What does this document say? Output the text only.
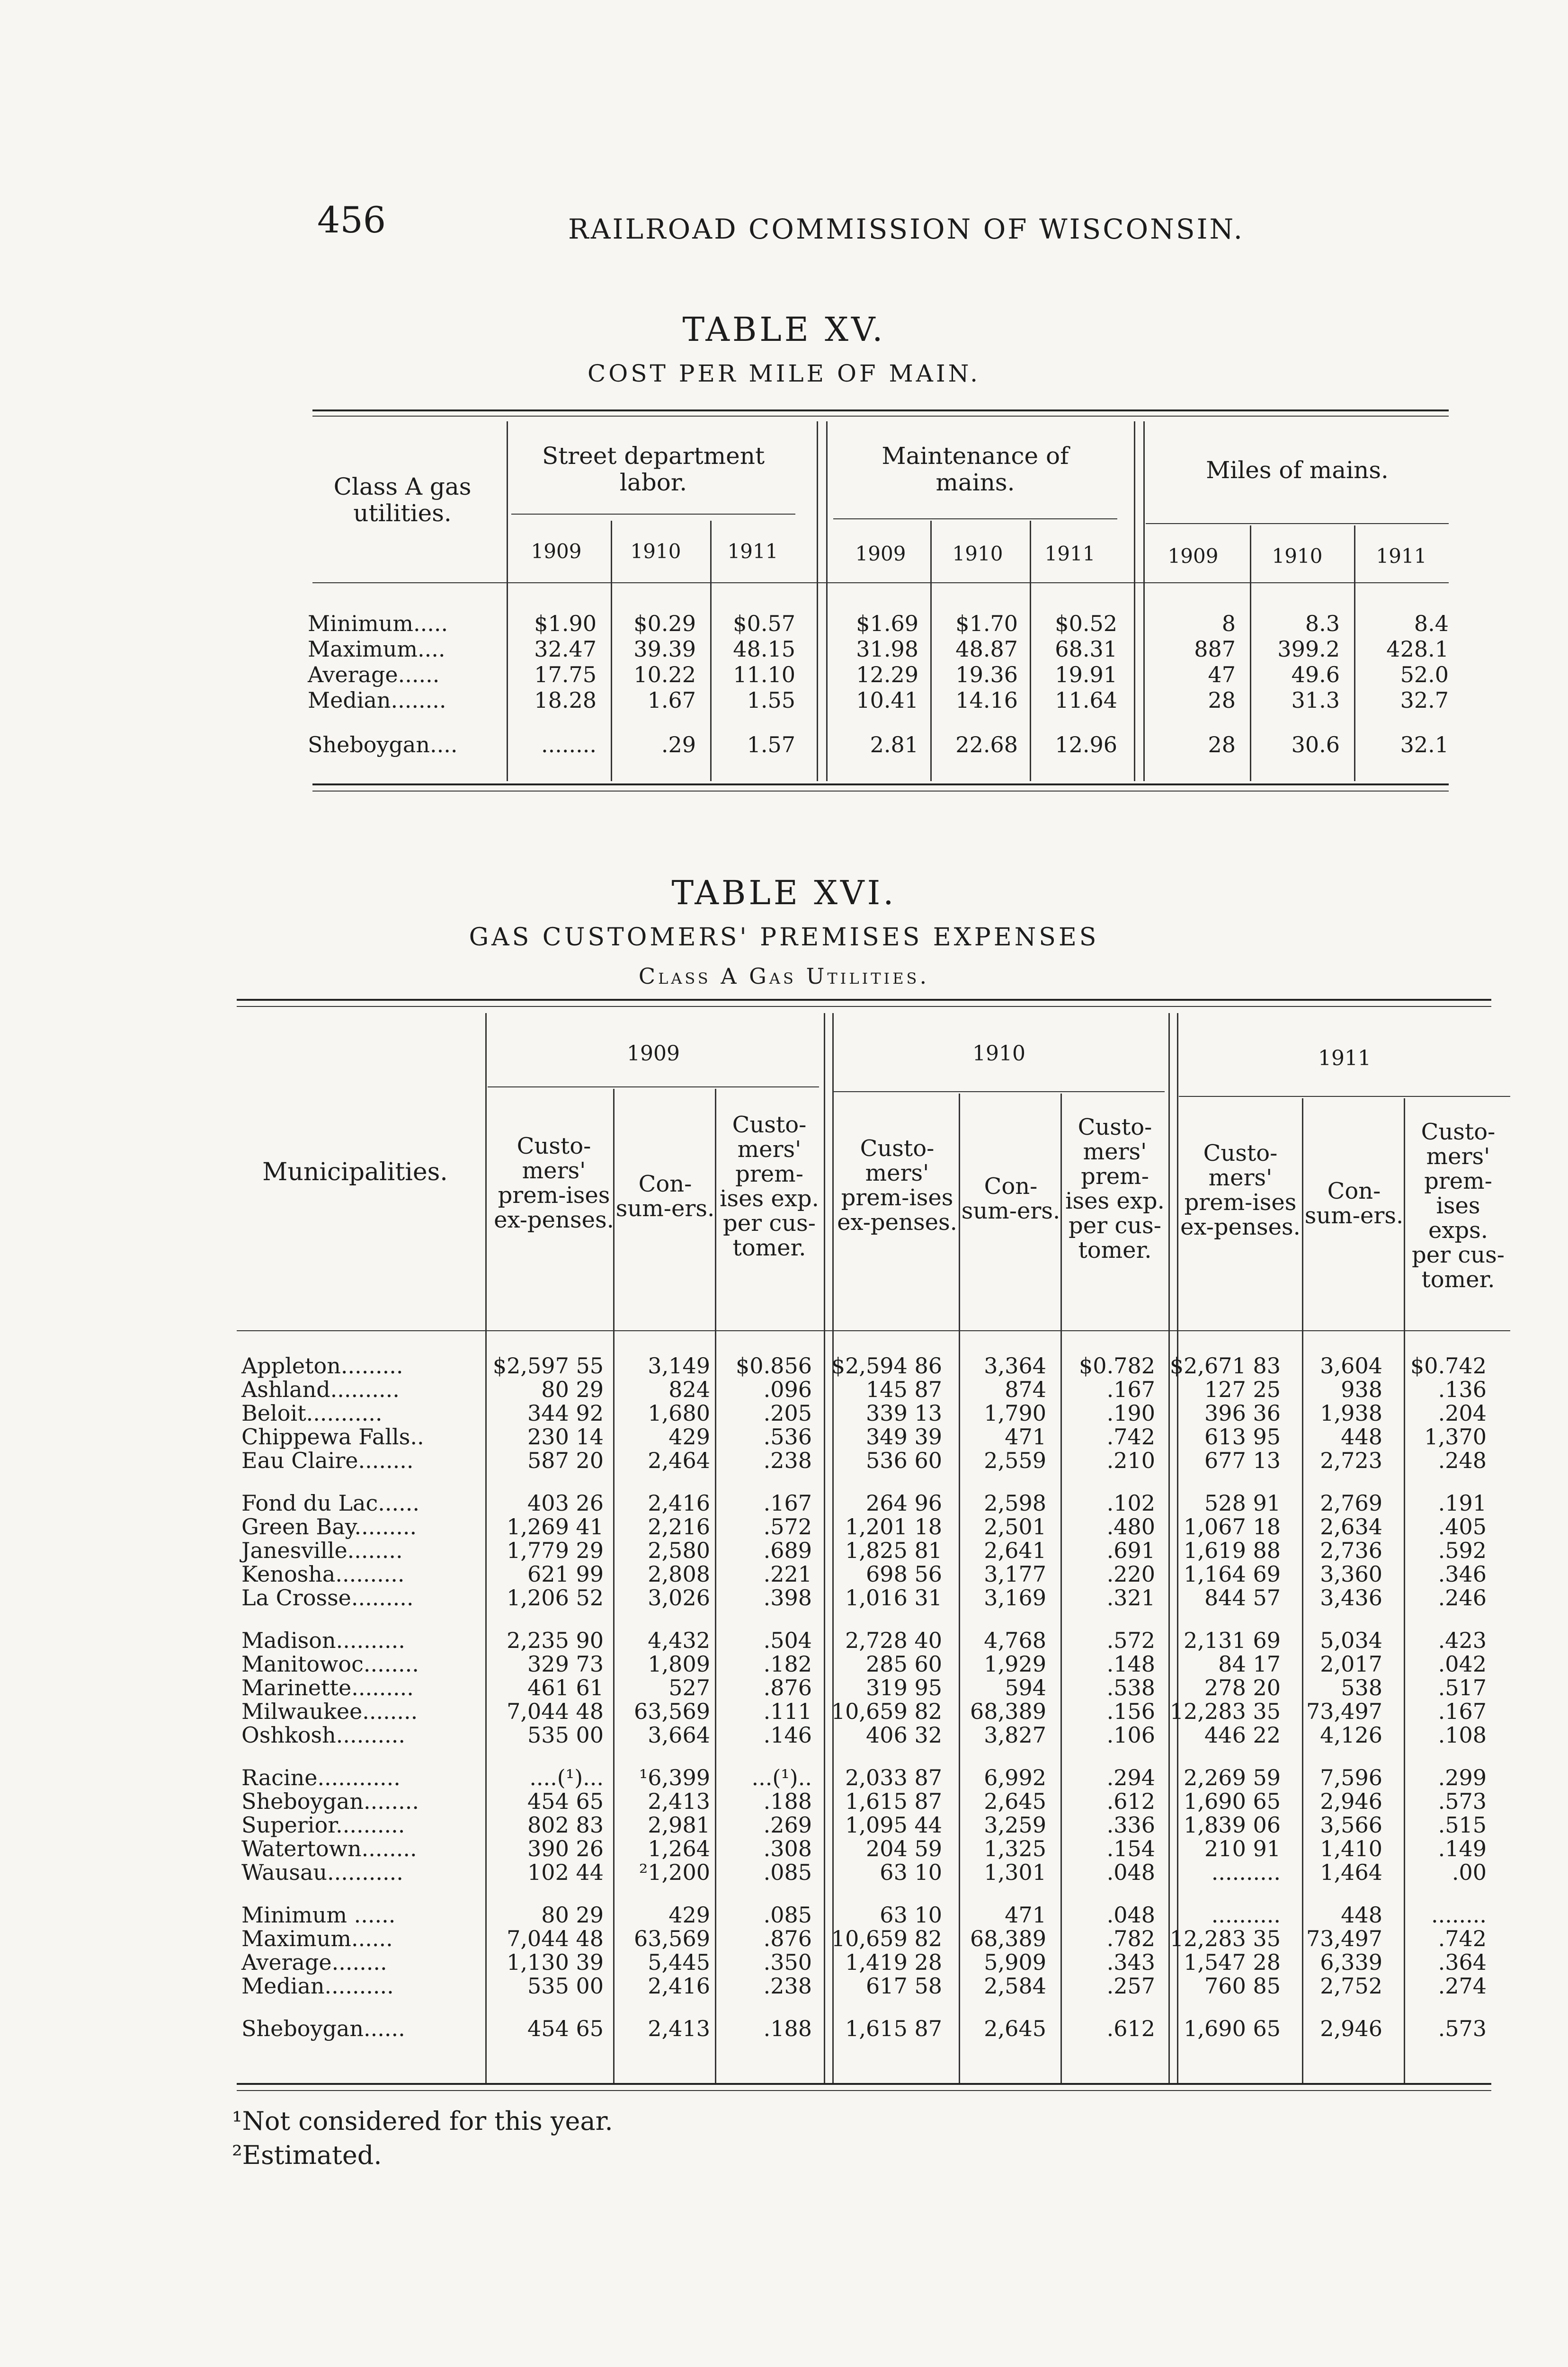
456	RAILROAD COMMISSION OF WISCONSIN.
TABLE XV.
COST PER MILE OF MAIN.
Class A gas utilities.
Street department labor.
Maintenance of mains.	Miles of mains.
1909	1910	1911	1909	1910	1911	1909	1910	1911
Minimum.....	$1.90	$0.29	$0.57	$1.69	$1.70	$0.52	8	8.3	8.4
Maximum....	32.47	39.39	48.15	31.98	48.87	68.31	887	399.2	428.1
Average......	17.75	10.22	11.10	12.29	19.36	19.91	47	49.6	52.0
Median........	18.28	1.67	1.55	10.41	14.16	11.64	28	31.3	32.7

Sheboygan....	........	.29	1.57	2.81	22.68	12.96	28	30.6	32.1
TABLE XVI.
GAS CUSTOMERS' PREMISES EXPENSES
Class A Gas Utilities.
1909	1910	1911
Municipalities.
Custo-mers' prem-ises ex-penses.
Con-sum-ers.
Custo-mers' prem-ises exp. per cus-tomer.
Custo-mers' prem-ises ex-penses.
Con-sum-ers.
Custo-mers' prem-ises exp. per cus-tomer.
Custo-mers' prem-ises ex-penses.
Con-sum-ers.
Custo-mers' prem-ises exps. per cus-tomer.
Appleton.........	$2,597 55	3,149	$0.856	$2,594 86	3,364	$0.782	$2,671 83	3,604	$0.742
Ashland..........	80 29	824	.096	145 87	874	.167	127 25	938	.136
Beloit...........	344 92	1,680	.205	339 13	1,790	.190	396 36	1,938	.204
Chippewa Falls..	230 14	429	.536	349 39	471	.742	613 95	448	1,370
Eau Claire........	587 20	2,464	.238	536 60	2,559	.210	677 13	2,723	.248

Fond du Lac......	403 26	2,416	.167	264 96	2,598	.102	528 91	2,769	.191
Green Bay.........	1,269 41	2,216	.572	1,201 18	2,501	.480	1,067 18	2,634	.405
Janesville........	1,779 29	2,580	.689	1,825 81	2,641	.691	1,619 88	2,736	.592
Kenosha..........	621 99	2,808	.221	698 56	3,177	.220	1,164 69	3,360	.346
La Crosse.........	1,206 52	3,026	.398	1,016 31	3,169	.321	844 57	3,436	.246

Madison..........	2,235 90	4,432	.504	2,728 40	4,768	.572	2,131 69	5,034	.423
Manitowoc........	329 73	1,809	.182	285 60	1,929	.148	84 17	2,017	.042
Marinette.........	461 61	527	.876	319 95	594	.538	278 20	538	.517
Milwaukee........	7,044 48	63,569	.111	10,659 82	68,389	.156	12,283 35	73,497	.167
Oshkosh..........	535 00	3,664	.146	406 32	3,827	.106	446 22	4,126	.108

Racine............	....(¹)...	¹6,399	...(¹)..	2,033 87	6,992	.294	2,269 59	7,596	.299
Sheboygan........	454 65	2,413	.188	1,615 87	2,645	.612	1,690 65	2,946	.573
Superior..........	802 83	2,981	.269	1,095 44	3,259	.336	1,839 06	3,566	.515
Watertown........	390 26	1,264	.308	204 59	1,325	.154	210 91	1,410	.149
Wausau...........	102 44	²1,200	.085	63 10	1,301	.048	..........	1,464	.00

Minimum ......	80 29	429	.085	63 10	471	.048	..........	448	........
Maximum......	7,044 48	63,569	.876	10,659 82	68,389	.782	12,283 35	73,497	.742
Average........	1,130 39	5,445	.350	1,419 28	5,909	.343	1,547 28	6,339	.364
Median..........	535 00	2,416	.238	617 58	2,584	.257	760 85	2,752	.274

Sheboygan......	454 65	2,413	.188	1,615 87	2,645	.612	1,690 65	2,946	.573
¹Not considered for this year.
²Estimated.
